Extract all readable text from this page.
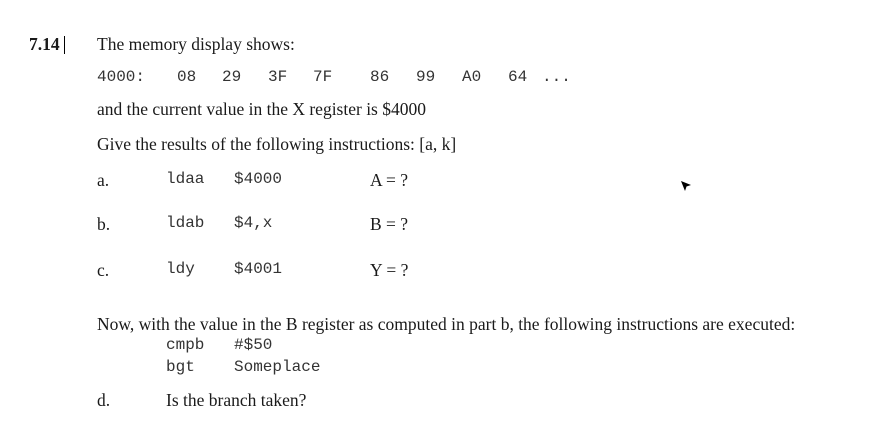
7.14 The memory display shows:
4000: 08 29 3F 7F 86 99 A0 64 ...
and the current value in the X register is $4000
Give the results of the following instructions: [a, k]
a.	ldaa $4000	A = ?
b.	ldab $4,x	B = ?
c.	ldy $4001	Y = ?
Now, with the value in the B register as computed in part b, the following instructions are executed:
cmpb #$50
bgt Someplace
d.	Is the branch taken?
